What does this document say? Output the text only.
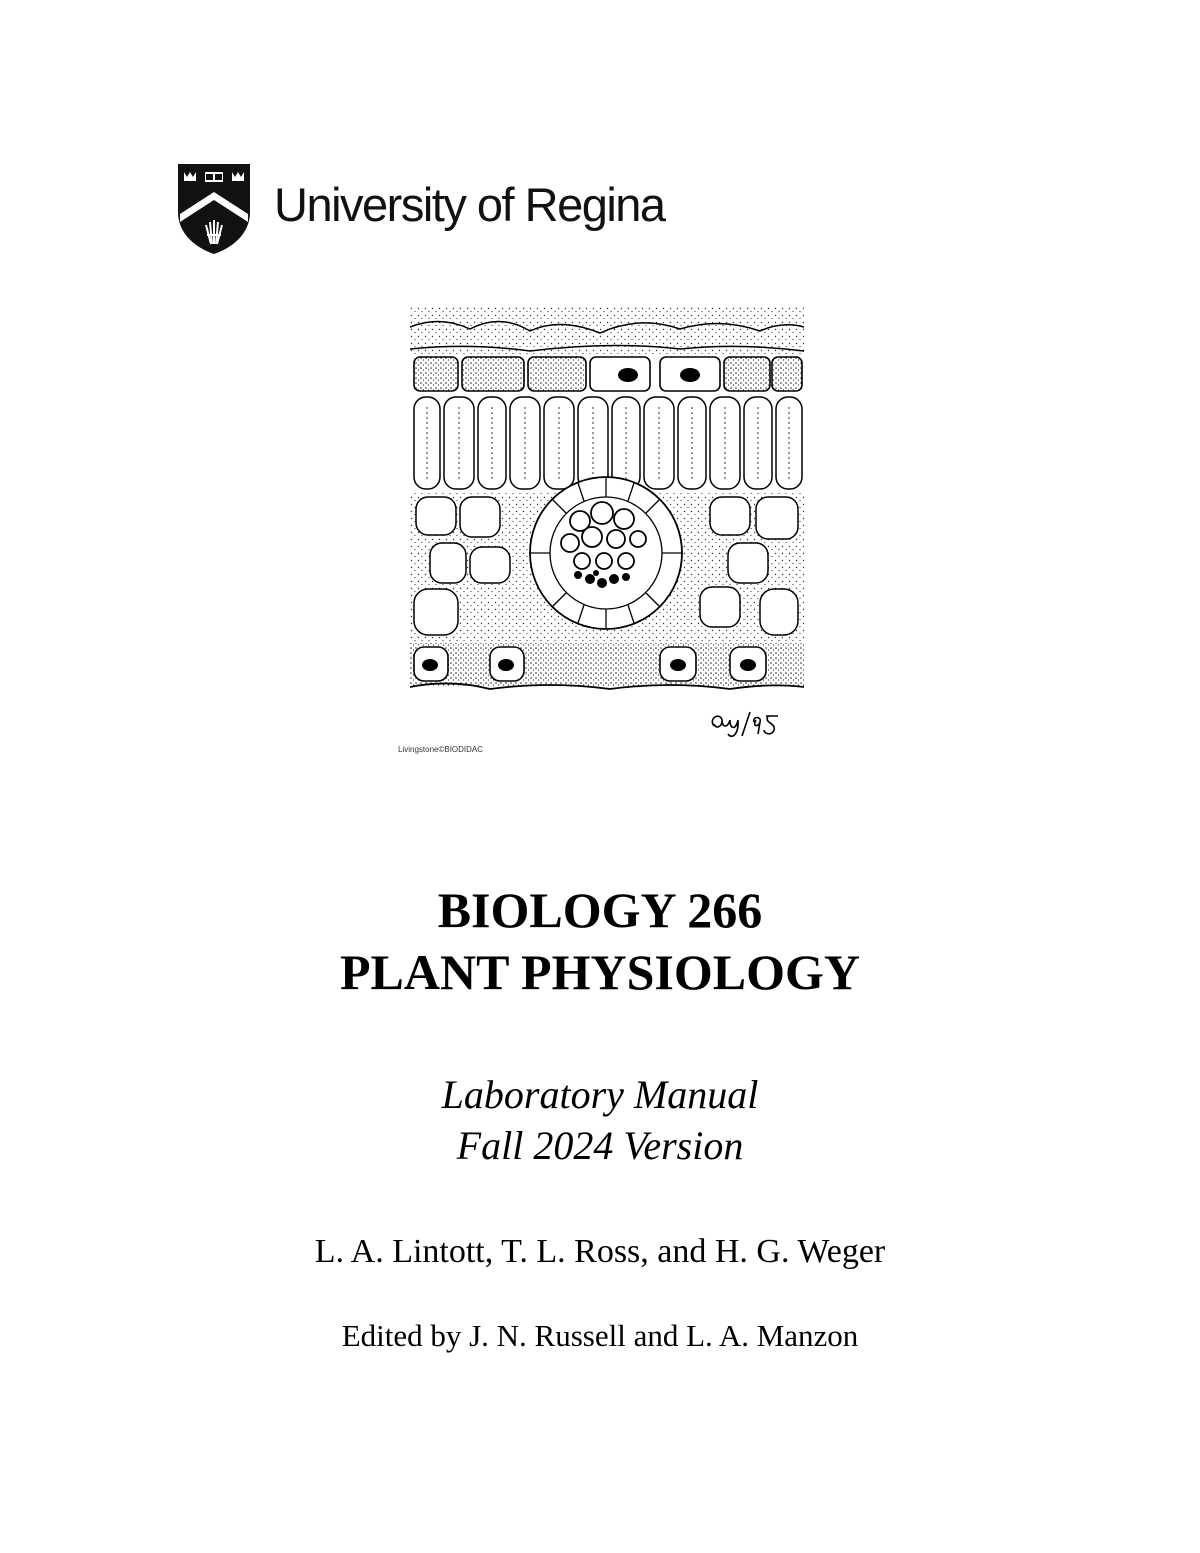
University of Regina
Livingstone©BIODIDAC
BIOLOGY 266
PLANT PHYSIOLOGY
Laboratory Manual
Fall 2024 Version
L. A. Lintott, T. L. Ross, and H. G. Weger
Edited by J. N. Russell and L. A. Manzon
